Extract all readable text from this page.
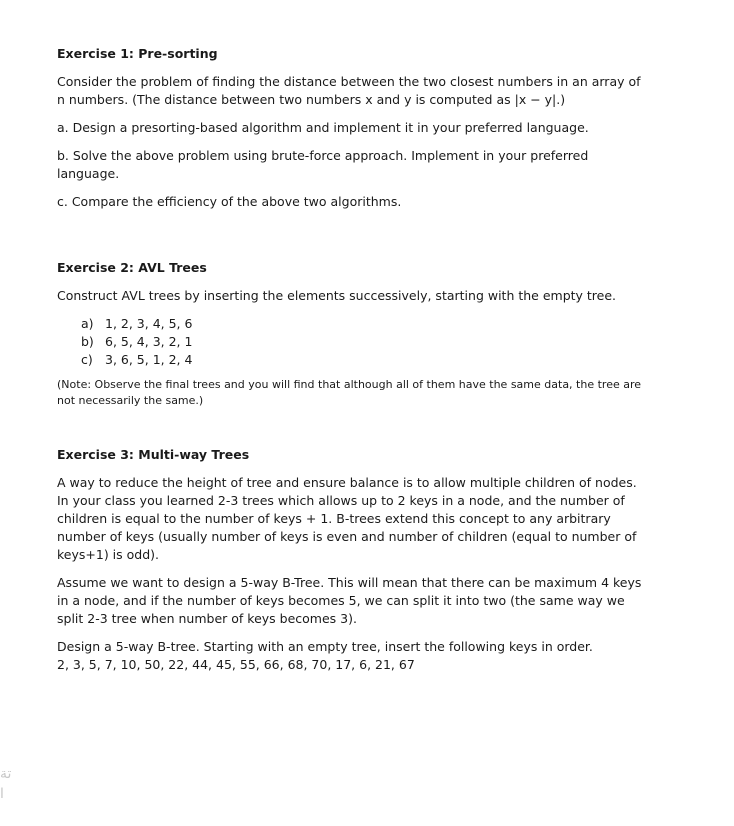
Exercise 1: Pre-sorting

Consider the problem of finding the distance between the two closest numbers in an array of n numbers. (The distance between two numbers x and y is computed as |x − y|.)

a. Design a presorting-based algorithm and implement it in your preferred language.

b. Solve the above problem using brute-force approach. Implement in your preferred language.

c. Compare the efficiency of the above two algorithms.

Exercise 2: AVL Trees

Construct AVL trees by inserting the elements successively, starting with the empty tree.

a) 1, 2, 3, 4, 5, 6
b) 6, 5, 4, 3, 2, 1
c) 3, 6, 5, 1, 2, 4

(Note: Observe the final trees and you will find that although all of them have the same data, the tree are not necessarily the same.)

Exercise 3: Multi-way Trees

A way to reduce the height of tree and ensure balance is to allow multiple children of nodes. In your class you learned 2-3 trees which allows up to 2 keys in a node, and the number of children is equal to the number of keys + 1. B-trees extend this concept to any arbitrary number of keys (usually number of keys is even and number of children (equal to number of keys+1) is odd).

Assume we want to design a 5-way B-Tree. This will mean that there can be maximum 4 keys in a node, and if the number of keys becomes 5, we can split it into two (the same way we split 2-3 tree when number of keys becomes 3).

Design a 5-way B-tree. Starting with an empty tree, insert the following keys in order.

2, 3, 5, 7, 10, 50, 22, 44, 45, 55, 66, 68, 70, 17, 6, 21, 67

تة
ا
